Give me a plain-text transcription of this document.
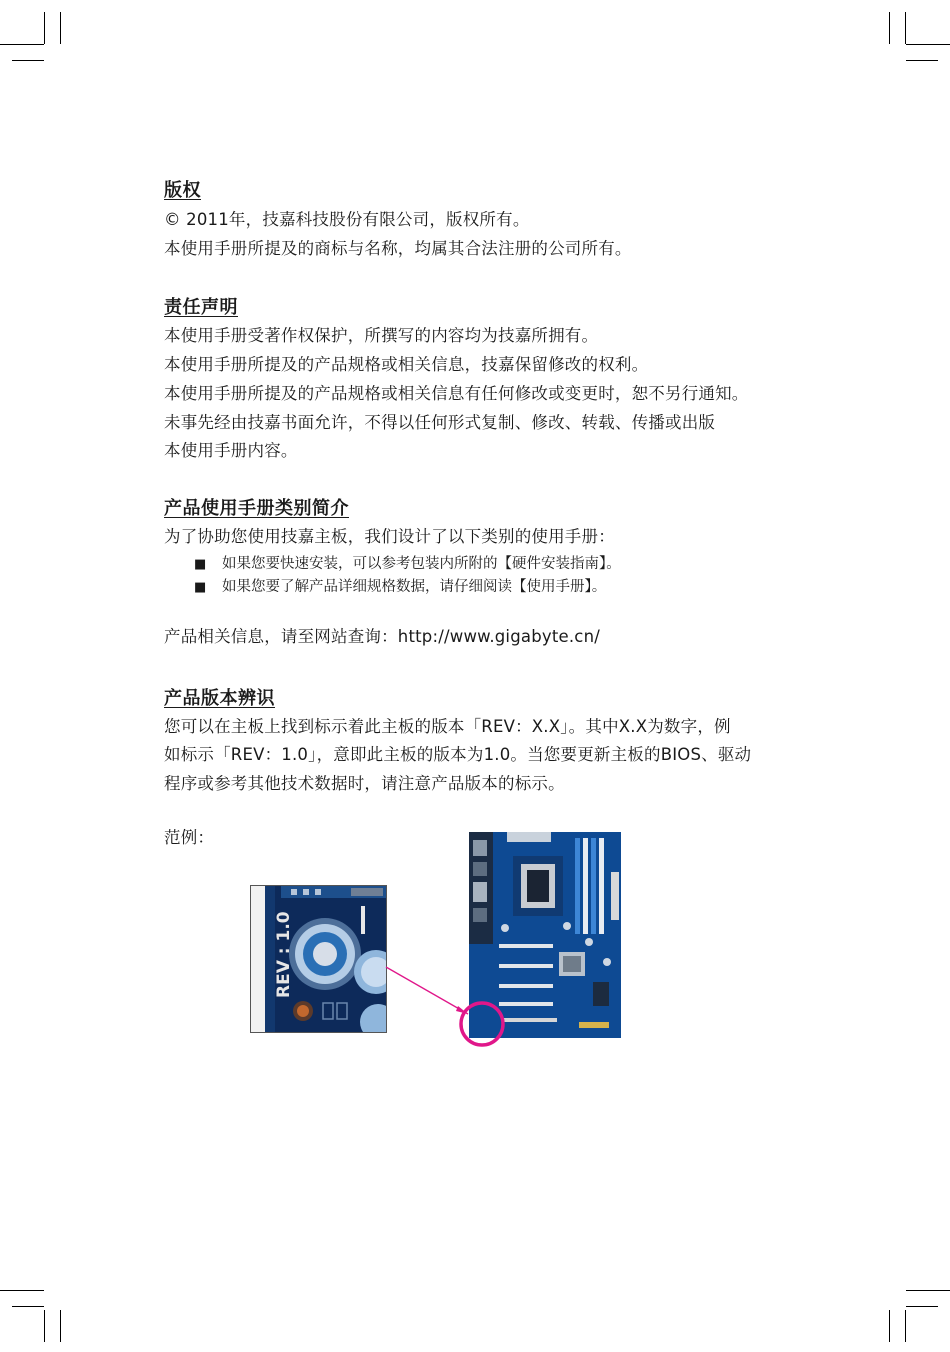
版权
© 2011年，技嘉科技股份有限公司，版权所有。
本使用手册所提及的商标与名称，均属其合法注册的公司所有。
责任声明
本使用手册受著作权保护，所撰写的内容均为技嘉所拥有。
本使用手册所提及的产品规格或相关信息，技嘉保留修改的权利。
本使用手册所提及的产品规格或相关信息有任何修改或变更时，恕不另行通知。
未事先经由技嘉书面允许，不得以任何形式复制、修改、转载、传播或出版
本使用手册内容。
产品使用手册类别简介
为了协助您使用技嘉主板，我们设计了以下类别的使用手册：
■ 如果您要快速安装，可以参考包装内所附的【硬件安装指南】。
■ 如果您要了解产品详细规格数据，请仔细阅读【使用手册】。
产品相关信息，请至网站查询：http://www.gigabyte.cn/
产品版本辨识
您可以在主板上找到标示着此主板的版本「REV：X.X」。其中X.X为数字，例
如标示「REV：1.0」，意即此主板的版本为1.0。当您要更新主板的BIOS、驱动
程序或参考其他技术数据时，请注意产品版本的标示。
范例：
REV : 1.0
